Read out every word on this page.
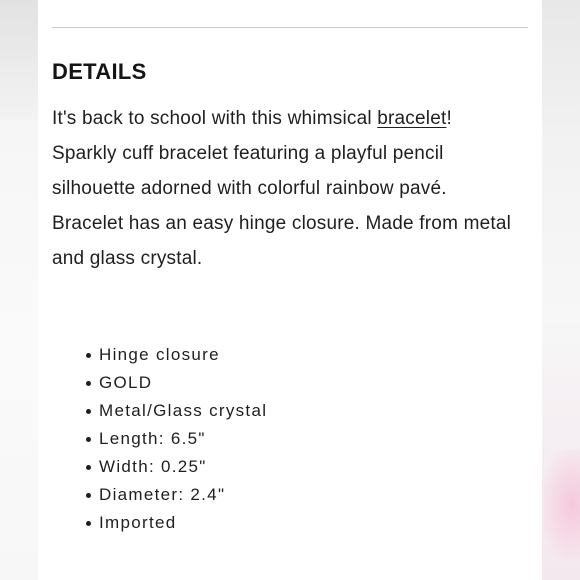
DETAILS

It's back to school with this whimsical bracelet! Sparkly cuff bracelet featuring a playful pencil silhouette adorned with colorful rainbow pavé. Bracelet has an easy hinge closure. Made from metal and glass crystal.

Hinge closure
GOLD
Metal/Glass crystal
Length: 6.5"
Width: 0.25"
Diameter: 2.4"
Imported
